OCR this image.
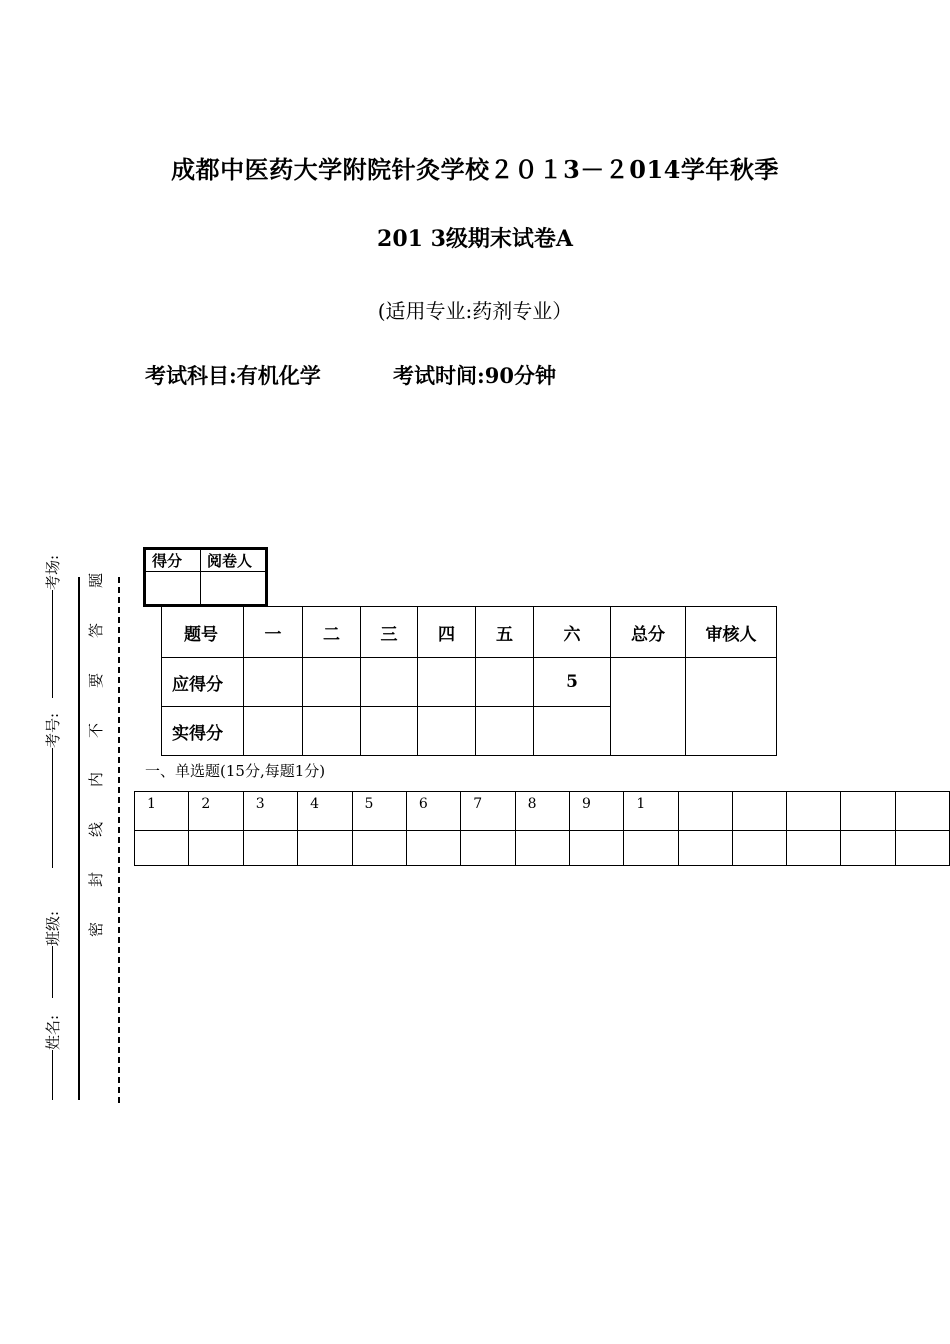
成都中医药大学附院针灸学校２０１3－２014学年秋季
201 3级期末试卷A
(适用专业:药剂专业）
考试科目:有机化学	考试时间:90分钟
得分	阅卷人

题号	一	二	三	四	五	六	总分	审核人
应得分						5		
实得分								
一、单选题(15分,每题1分)
1	2	3	4	5	6	7	8	9	1					

题
答
要
不
内
线
封
密
考场:
考号:
班级:
姓名:
